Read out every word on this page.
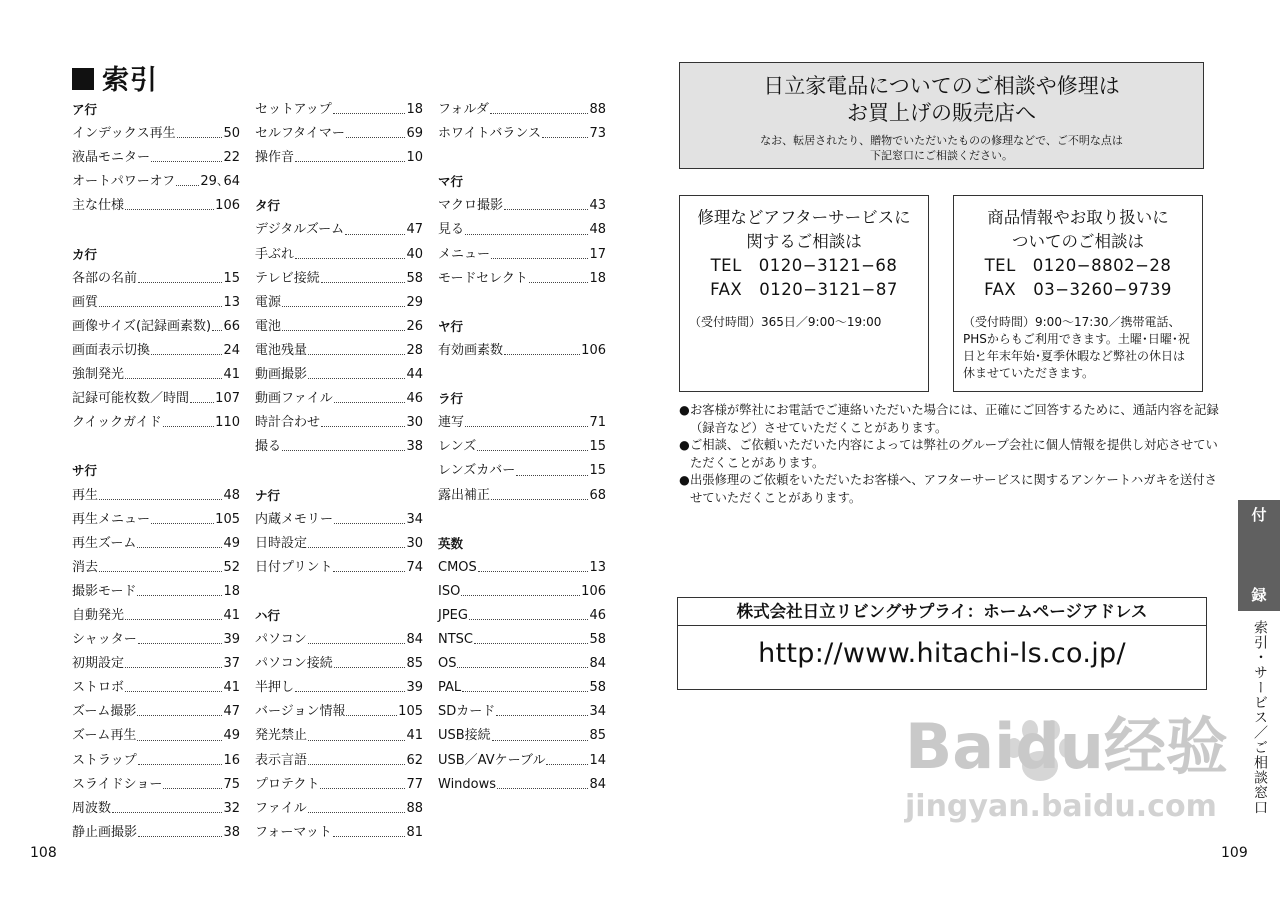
索引
ア行
インデックス再生	50
液晶モニター	22
オートパワーオフ 29､64
主な仕様	106
カ行
各部の名前	15
画質	13
画像サイズ(記録画素数) 66
画面表示切換	24
強制発光	41
記録可能枚数／時間 107
クイックガイド	110
サ行
再生	48
再生メニュー	105
再生ズーム	49
消去	52
撮影モード	18
自動発光	41
シャッター	39
初期設定	37
ストロボ	41
ズーム撮影	47
ズーム再生	49
ストラップ	16
スライドショー	75
周波数	32
静止画撮影	38
セットアップ	18
セルフタイマー	69
操作音	10
タ行
デジタルズーム	47
手ぶれ	40
テレビ接続	58
電源	29
電池	26
電池残量	28
動画撮影	44
動画ファイル	46
時計合わせ	30
撮る	38
ナ行
内蔵メモリー	34
日時設定	30
日付プリント	74
ハ行
パソコン	84
パソコン接続	85
半押し	39
バージョン情報	105
発光禁止	41
表示言語	62
プロテクト	77
ファイル	88
フォーマット	81
フォルダ	88
ホワイトバランス	73
マ行
マクロ撮影	43
見る	48
メニュー	17
モードセレクト	18
ヤ行
有効画素数	106
ラ行
連写	71
レンズ	15
レンズカバー	15
露出補正	68
英数
CMOS	13
ISO	106
JPEG	46
NTSC	58
OS	84
PAL	58
SDカード	34
USB接続	85
USB／AVケーブル	14
Windows	84
108	109
日立家電品についてのご相談や修理は
お買上げの販売店へ
なお、転居されたり、贈物でいただいたものの修理などで、ご不明な点は
下記窓口にご相談ください。
修理などアフターサービスに
関するご相談は
TEL　0120−3121−68
FAX　0120−3121−87
（受付時間）365日／9:00〜19:00
商品情報やお取り扱いに
ついてのご相談は
TEL　0120−8802−28
FAX　03−3260−9739
（受付時間）9:00〜17:30／携帯電話、PHSからもご利用できます。土曜･日曜･祝日と年末年始･夏季休暇など弊社の休日は休ませていただきます。
● お客様が弊社にお電話でご連絡いただいた場合には、正確にご回答するために、通話内容を記録（録音など）させていただくことがあります。
● ご相談、ご依頼いただいた内容によっては弊社のグループ会社に個人情報を提供し対応させていただくことがあります。
● 出張修理のご依頼をいただいたお客様へ、アフターサービスに関するアンケートハガキを送付させていただくことがあります。
株式会社日立リビングサプライ：ホームページアドレス
http://www.hitachi-ls.co.jp/
付
録
索引・サービス／ご相談窓口
Baidu经验
jingyan.baidu.com
